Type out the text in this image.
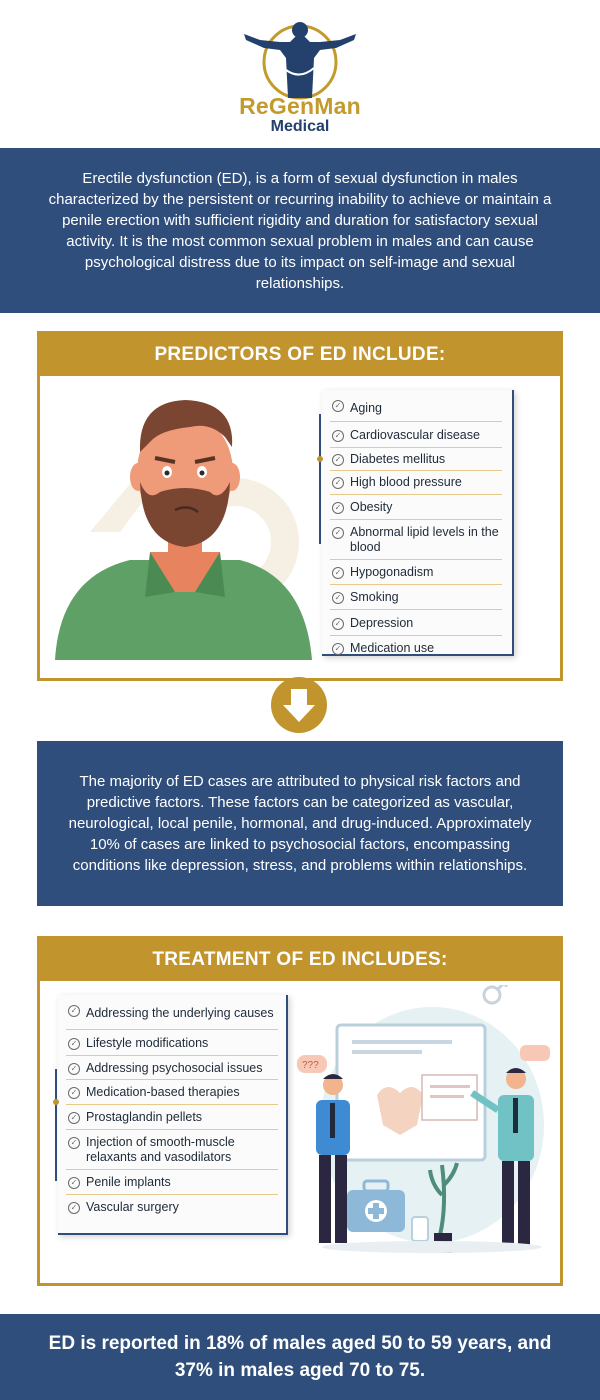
ReGenMan
Medical

Erectile dysfunction (ED), is a form of sexual dysfunction in males characterized by the persistent or recurring inability to achieve or maintain a penile erection with sufficient rigidity and duration for satisfactory sexual activity. It is the most common sexual problem in males and can cause psychological distress due to its impact on self-image and sexual relationships.

PREDICTORS OF ED INCLUDE:
✓ Aging
✓ Cardiovascular disease
✓ Diabetes mellitus
✓ High blood pressure
✓ Obesity
✓ Abnormal lipid levels in the blood
✓ Hypogonadism
✓ Smoking
✓ Depression
✓ Medication use

The majority of ED cases are attributed to physical risk factors and predictive factors. These factors can be categorized as vascular, neurological, local penile, hormonal, and drug-induced. Approximately 10% of cases are linked to psychosocial factors, encompassing conditions like depression, stress, and problems within relationships.

TREATMENT OF ED INCLUDES:
✓ Addressing the underlying causes
✓ Lifestyle modifications
✓ Addressing psychosocial issues
✓ Medication-based therapies
✓ Prostaglandin pellets
✓ Injection of smooth-muscle relaxants and vasodilators
✓ Penile implants
✓ Vascular surgery
???

ED is reported in 18% of males aged 50 to 59 years, and 37% in males aged 70 to 75.
